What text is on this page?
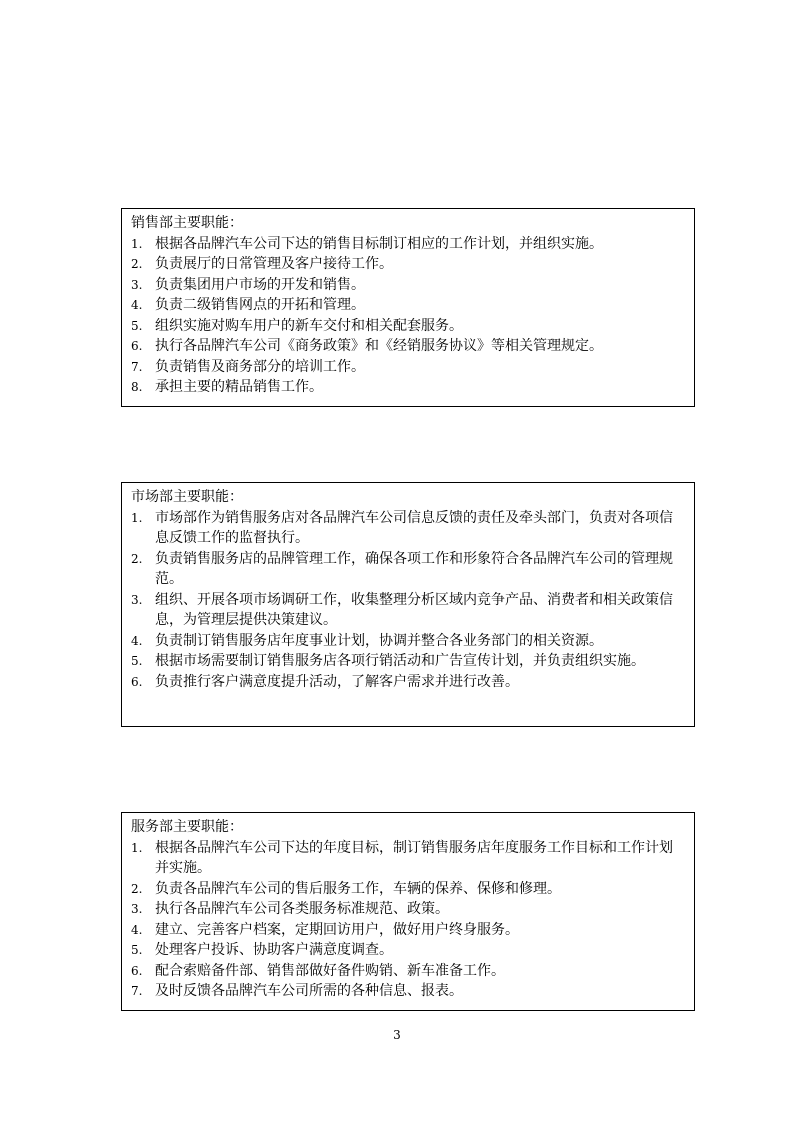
销售部主要职能：
1 . 根据各品牌汽车公司下达的销售目标制订相应的工作计划，并组织实施。
2 . 负责展厅的日常管理及客户接待工作。
3 . 负责集团用户市场的开发和销售。
4 . 负责二级销售网点的开拓和管理。
5 . 组织实施对购车用户的新车交付和相关配套服务。
6 . 执行各品牌汽车公司《商务政策》和《经销服务协议》等相关管理规定。
7 . 负责销售及商务部分的培训工作。
8 . 承担主要的精品销售工作。
市场部主要职能：
1 . 市场部作为销售服务店对各品牌汽车公司信息反馈的责任及牵头部门，负责对各项信息反馈工作的监督执行。
2 . 负责销售服务店的品牌管理工作，确保各项工作和形象符合各品牌汽车公司的管理规范。
3 . 组织、开展各项市场调研工作，收集整理分析区域内竞争产品、消费者和相关政策信息，为管理层提供决策建议。
4 . 负责制订销售服务店年度事业计划，协调并整合各业务部门的相关资源。
5 . 根据市场需要制订销售服务店各项行销活动和广告宣传计划，并负责组织实施。
6 . 负责推行客户满意度提升活动，了解客户需求并进行改善。
服务部主要职能：
1 . 根据各品牌汽车公司下达的年度目标，制订销售服务店年度服务工作目标和工作计划并实施。
2 . 负责各品牌汽车公司的售后服务工作，车辆的保养、保修和修理。
3 . 执行各品牌汽车公司各类服务标准规范、政策。
4 . 建立、完善客户档案，定期回访用户，做好用户终身服务。
5 . 处理客户投诉、协助客户满意度调查。
6 . 配合索赔备件部、销售部做好备件购销、新车准备工作。
7 . 及时反馈各品牌汽车公司所需的各种信息、报表。
3
